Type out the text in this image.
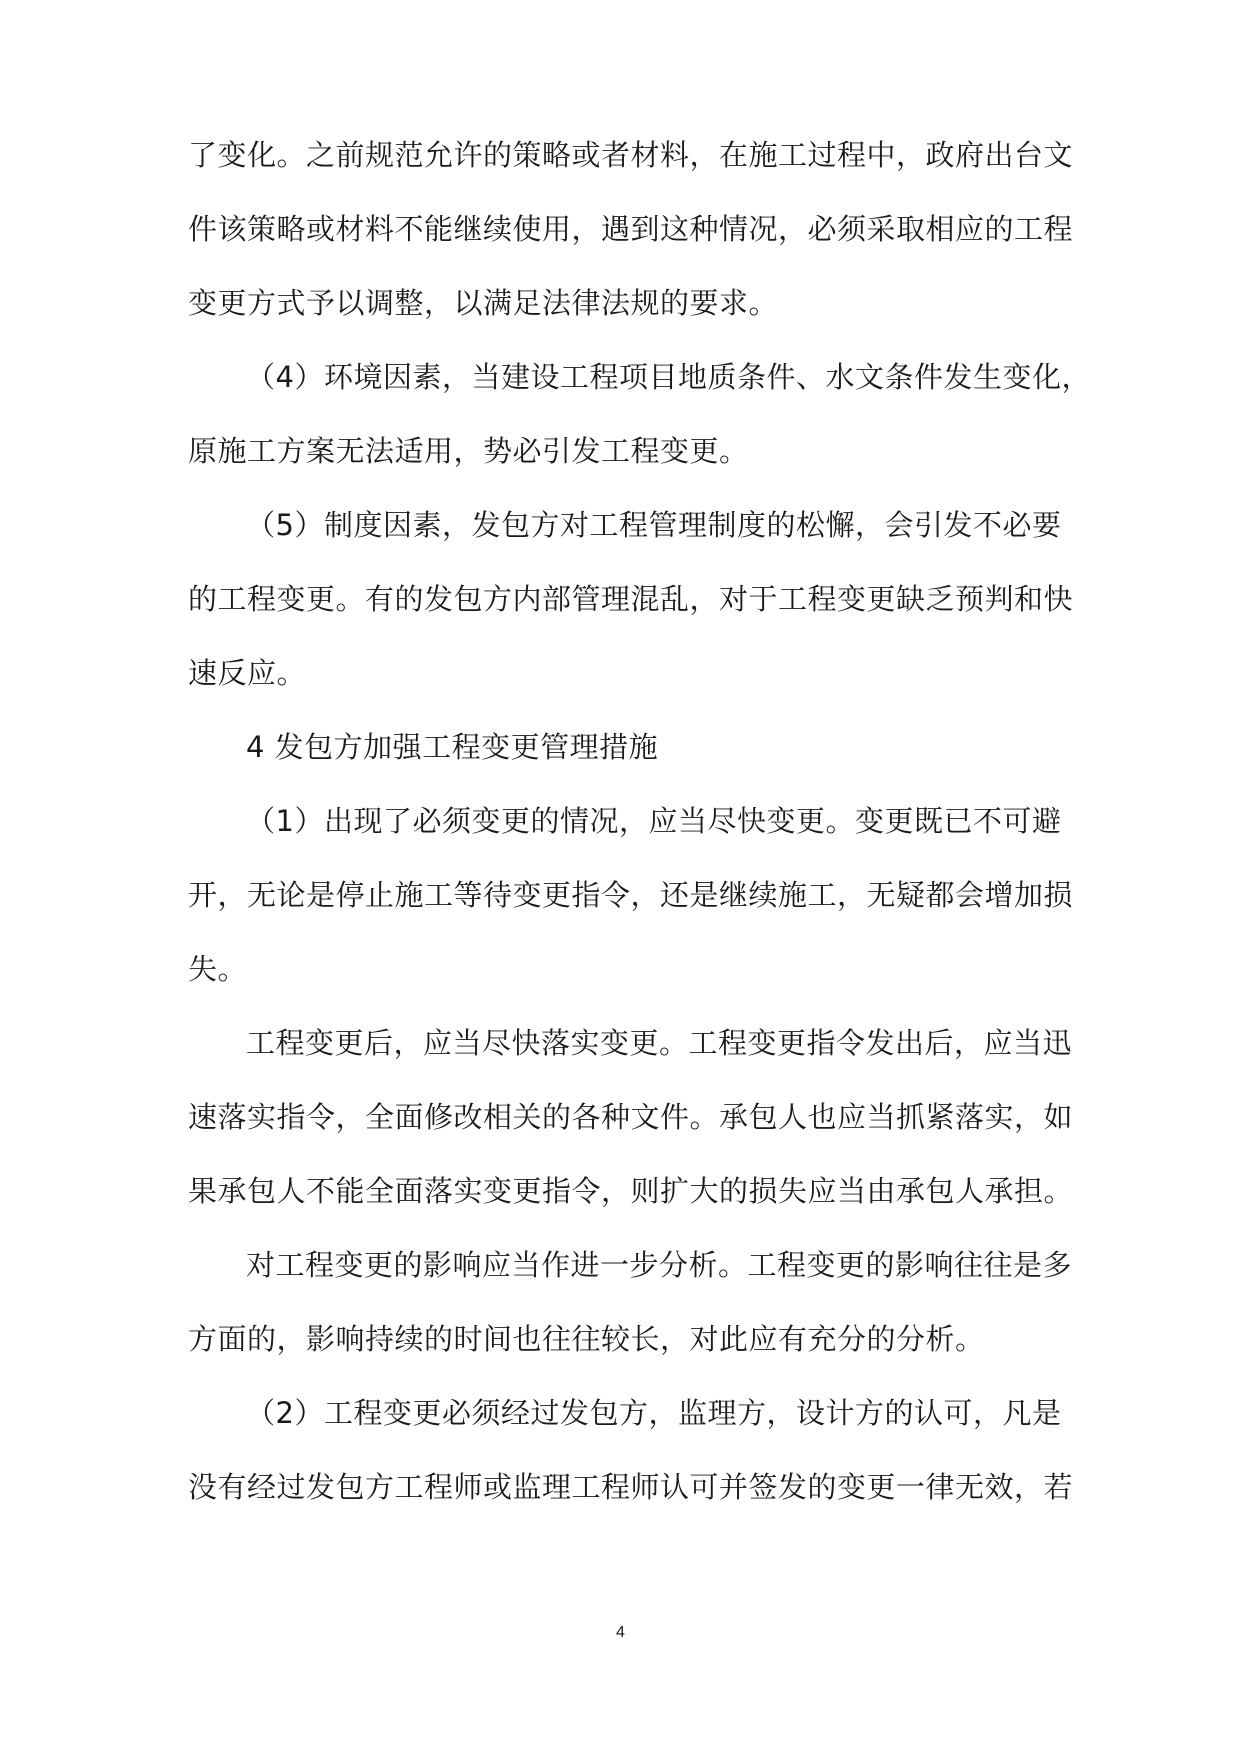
了变化。之前规范允许的策略或者材料，在施工过程中，政府出台文
件该策略或材料不能继续使用，遇到这种情况，必须采取相应的工程
变更方式予以调整，以满足法律法规的要求。
（4）环境因素，当建设工程项目地质条件、水文条件发生变化，
原施工方案无法适用，势必引发工程变更。
（5）制度因素，发包方对工程管理制度的松懈，会引发不必要
的工程变更。有的发包方内部管理混乱，对于工程变更缺乏预判和快
速反应。
4 发包方加强工程变更管理措施
（1）出现了必须变更的情况，应当尽快变更。变更既已不可避
开，无论是停止施工等待变更指令，还是继续施工，无疑都会增加损
失。
工程变更后，应当尽快落实变更。工程变更指令发出后，应当迅
速落实指令，全面修改相关的各种文件。承包人也应当抓紧落实，如
果承包人不能全面落实变更指令，则扩大的损失应当由承包人承担。
对工程变更的影响应当作进一步分析。工程变更的影响往往是多
方面的，影响持续的时间也往往较长，对此应有充分的分析。
（2）工程变更必须经过发包方，监理方，设计方的认可，凡是
没有经过发包方工程师或监理工程师认可并签发的变更一律无效，若
4
